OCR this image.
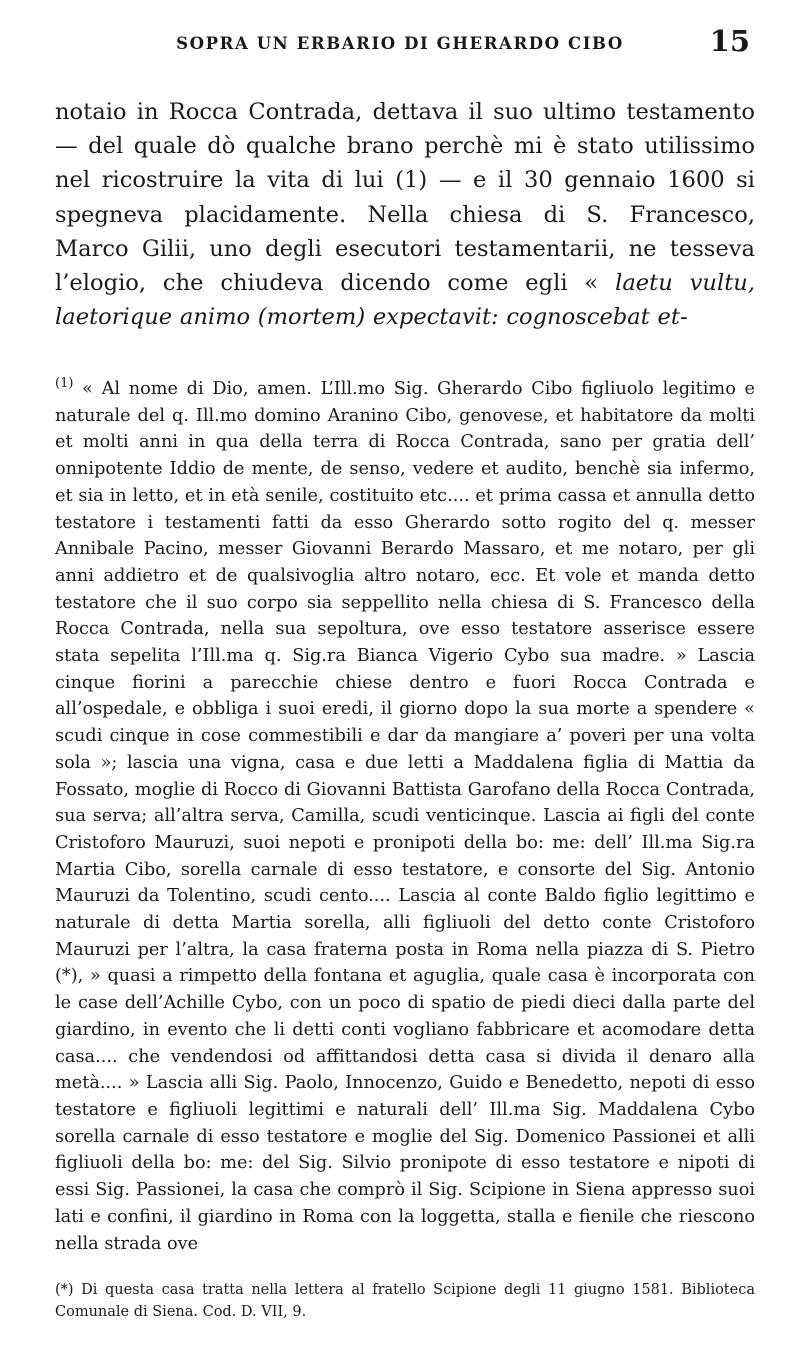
SOPRA UN ERBARIO DI GHERARDO CIBO	15

notaio in Rocca Contrada, dettava il suo ultimo testamento — del quale dò qualche brano perchè mi è stato utilissimo nel ricostruire la vita di lui (1) — e il 30 gennaio 1600 si spegneva placidamente. Nella chiesa di S. Francesco, Marco Gilii, uno degli esecutori testamentarii, ne tesseva l’elogio, che chiudeva dicendo come egli « laetu vultu, laetorique animo (mortem) expectavit: cognoscebat et-

$^{(1)}$ « Al nome di Dio, amen. L’Ill.mo Sig. Gherardo Cibo figliuolo legitimo e naturale del q. Ill.mo domino Aranino Cibo, genovese, et habitatore da molti et molti anni in qua della terra di Rocca Contrada, sano per gratia dell’ onnipotente Iddio de mente, de senso, vedere et audito, benchè sia infermo, et sia in letto, et in età senile, costituito etc.... et prima cassa et annulla detto testatore i testamenti fatti da esso Gherardo sotto rogito del q. messer Annibale Pacino, messer Giovanni Berardo Massaro, et me notaro, per gli anni addietro et de qualsivoglia altro notaro, ecc. Et vole et manda detto testatore che il suo corpo sia seppellito nella chiesa di S. Francesco della Rocca Contrada, nella sua sepoltura, ove esso testatore asserisce essere stata sepelita l’Ill.ma q. Sig.ra Bianca Vigerio Cybo sua madre. » Lascia cinque fiorini a parecchie chiese dentro e fuori Rocca Contrada e all’ospedale, e obbliga i suoi eredi, il giorno dopo la sua morte a spendere « scudi cinque in cose commestibili e dar da mangiare a’ poveri per una volta sola »; lascia una vigna, casa e due letti a Maddalena figlia di Mattia da Fossato, moglie di Rocco di Giovanni Battista Garofano della Rocca Contrada, sua serva; all’altra serva, Camilla, scudi venticinque. Lascia ai figli del conte Cristoforo Mauruzi, suoi nepoti e pronipoti della bo: me: dell’ Ill.ma Sig.ra Martia Cibo, sorella carnale di esso testatore, e consorte del Sig. Antonio Mauruzi da Tolentino, scudi cento.... Lascia al conte Baldo figlio legittimo e naturale di detta Martia sorella, alli figliuoli del detto conte Cristoforo Mauruzi per l’altra, la casa fraterna posta in Roma nella piazza di S. Pietro (*), » quasi a rimpetto della fontana et aguglia, quale casa è incorporata con le case dell’Achille Cybo, con un poco di spatio de piedi dieci dalla parte del giardino, in evento che li detti conti vogliano fabbricare et acomodare detta casa.... che vendendosi od affittandosi detta casa si divida il denaro alla metà.... » Lascia alli Sig. Paolo, Innocenzo, Guido e Benedetto, nepoti di esso testatore e figliuoli legittimi e naturali dell’ Ill.ma Sig. Maddalena Cybo sorella carnale di esso testatore e moglie del Sig. Domenico Passionei et alli figliuoli della bo: me: del Sig. Silvio pronipote di esso testatore e nipoti di essi Sig. Passionei, la casa che comprò il Sig. Scipione in Siena appresso suoi lati e confini, il giardino in Roma con la loggetta, stalla e fienile che riescono nella strada ove

(*) Di questa casa tratta nella lettera al fratello Scipione degli 11 giugno 1581. Biblioteca Comunale di Siena. Cod. D. VII, 9.
